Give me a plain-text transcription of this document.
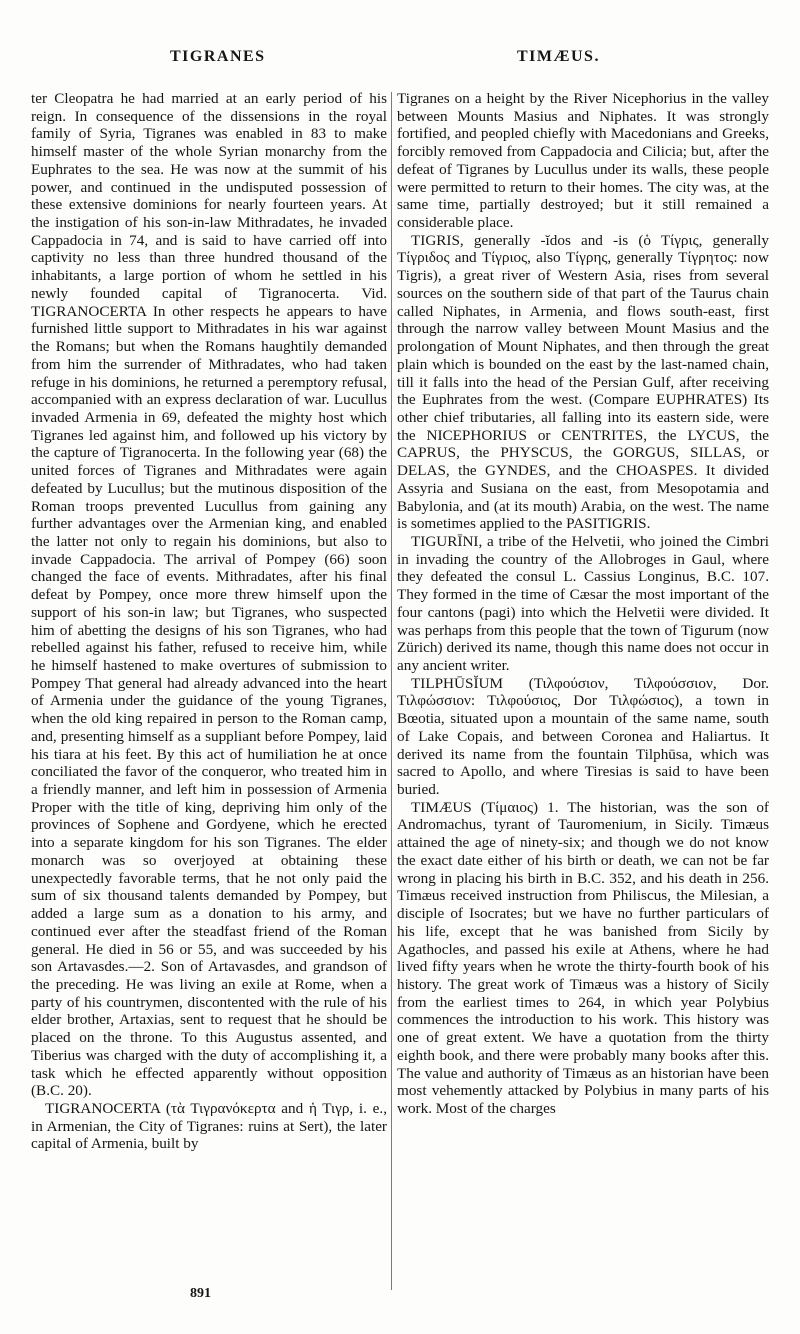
TIGRANES	TIMÆUS.

ter Cleopatra he had married at an early period of his reign. In consequence of the dissensions in the royal family of Syria, Tigranes was enabled in 83 to make himself master of the whole Syrian monarchy from the Euphrates to the sea. He was now at the summit of his power, and continued in the undisputed possession of these extensive dominions for nearly fourteen years. At the instigation of his son-in-law Mithradates, he invaded Cappadocia in 74, and is said to have carried off into captivity no less than three hundred thousand of the inhabitants, a large portion of whom he settled in his newly founded capital of Tigranocerta. Vid. TIGRANOCERTA In other respects he appears to have furnished little support to Mithradates in his war against the Romans; but when the Romans haughtily demanded from him the surrender of Mithradates, who had taken refuge in his dominions, he returned a peremptory refusal, accompanied with an express declaration of war. Lucullus invaded Armenia in 69, defeated the mighty host which Tigranes led against him, and followed up his victory by the capture of Tigranocerta. In the following year (68) the united forces of Tigranes and Mithradates were again defeated by Lucullus; but the mutinous disposition of the Roman troops prevented Lucullus from gaining any further advantages over the Armenian king, and enabled the latter not only to regain his dominions, but also to invade Cappadocia. The arrival of Pompey (66) soon changed the face of events. Mithradates, after his final defeat by Pompey, once more threw himself upon the support of his son-in law; but Tigranes, who suspected him of abetting the designs of his son Tigranes, who had rebelled against his father, refused to receive him, while he himself hastened to make overtures of submission to Pompey That general had already advanced into the heart of Armenia under the guidance of the young Tigranes, when the old king repaired in person to the Roman camp, and, presenting himself as a suppliant before Pompey, laid his tiara at his feet. By this act of humiliation he at once conciliated the favor of the conqueror, who treated him in a friendly manner, and left him in possession of Armenia Proper with the title of king, depriving him only of the provinces of Sophene and Gordyene, which he erected into a separate kingdom for his son Tigranes. The elder monarch was so overjoyed at obtaining these unexpectedly favorable terms, that he not only paid the sum of six thousand talents demanded by Pompey, but added a large sum as a donation to his army, and continued ever after the steadfast friend of the Roman general. He died in 56 or 55, and was succeeded by his son Artavasdes.—2. Son of Artavasdes, and grandson of the preceding. He was living an exile at Rome, when a party of his countrymen, discontented with the rule of his elder brother, Artaxias, sent to request that he should be placed on the throne. To this Augustus assented, and Tiberius was charged with the duty of accomplishing it, a task which he effected apparently without opposition (B.C. 20).

TIGRANOCERTA (τὰ Τιγρανόκερτα and ἡ Τιγρ, i. e., in Armenian, the City of Tigranes: ruins at Sert), the later capital of Armenia, built by

Tigranes on a height by the River Nicephorius in the valley between Mounts Masius and Niphates. It was strongly fortified, and peopled chiefly with Macedonians and Greeks, forcibly removed from Cappadocia and Cilicia; but, after the defeat of Tigranes by Lucullus under its walls, these people were permitted to return to their homes. The city was, at the same time, partially destroyed; but it still remained a considerable place.

TIGRIS, generally -ĭdos and -is (ὁ Τίγρις, generally Τίγριδος and Τίγριος, also Τίγρης, generally Τίγρητος: now Tigris), a great river of Western Asia, rises from several sources on the southern side of that part of the Taurus chain called Niphates, in Armenia, and flows south-east, first through the narrow valley between Mount Masius and the prolongation of Mount Niphates, and then through the great plain which is bounded on the east by the last-named chain, till it falls into the head of the Persian Gulf, after receiving the Euphrates from the west. (Compare EUPHRATES) Its other chief tributaries, all falling into its eastern side, were the NICEPHORIUS or CENTRITES, the LYCUS, the CAPRUS, the PHYSCUS, the GORGUS, SILLAS, or DELAS, the GYNDES, and the CHOASPES. It divided Assyria and Susiana on the east, from Mesopotamia and Babylonia, and (at its mouth) Arabia, on the west. The name is sometimes applied to the PASITIGRIS.

TIGURĪNI, a tribe of the Helvetii, who joined the Cimbri in invading the country of the Allobroges in Gaul, where they defeated the consul L. Cassius Longinus, B.C. 107. They formed in the time of Cæsar the most important of the four cantons (pagi) into which the Helvetii were divided. It was perhaps from this people that the town of Tigurum (now Zürich) derived its name, though this name does not occur in any ancient writer.

TILPHŪSĬUM (Τιλφούσιον, Τιλφούσσιον, Dor. Τιλφώσσιον: Τιλφούσιος, Dor Τιλφώσιος), a town in Bœotia, situated upon a mountain of the same name, south of Lake Copais, and between Coronea and Haliartus. It derived its name from the fountain Tilphūsa, which was sacred to Apollo, and where Tiresias is said to have been buried.

TIMÆUS (Τίμαιος) 1. The historian, was the son of Andromachus, tyrant of Tauromenium, in Sicily. Timæus attained the age of ninety-six; and though we do not know the exact date either of his birth or death, we can not be far wrong in placing his birth in B.C. 352, and his death in 256. Timæus received instruction from Philiscus, the Milesian, a disciple of Isocrates; but we have no further particulars of his life, except that he was banished from Sicily by Agathocles, and passed his exile at Athens, where he had lived fifty years when he wrote the thirty-fourth book of his history. The great work of Timæus was a history of Sicily from the earliest times to 264, in which year Polybius commences the introduction to his work. This history was one of great extent. We have a quotation from the thirty eighth book, and there were probably many books after this. The value and authority of Timæus as an historian have been most vehemently attacked by Polybius in many parts of his work. Most of the charges

891
